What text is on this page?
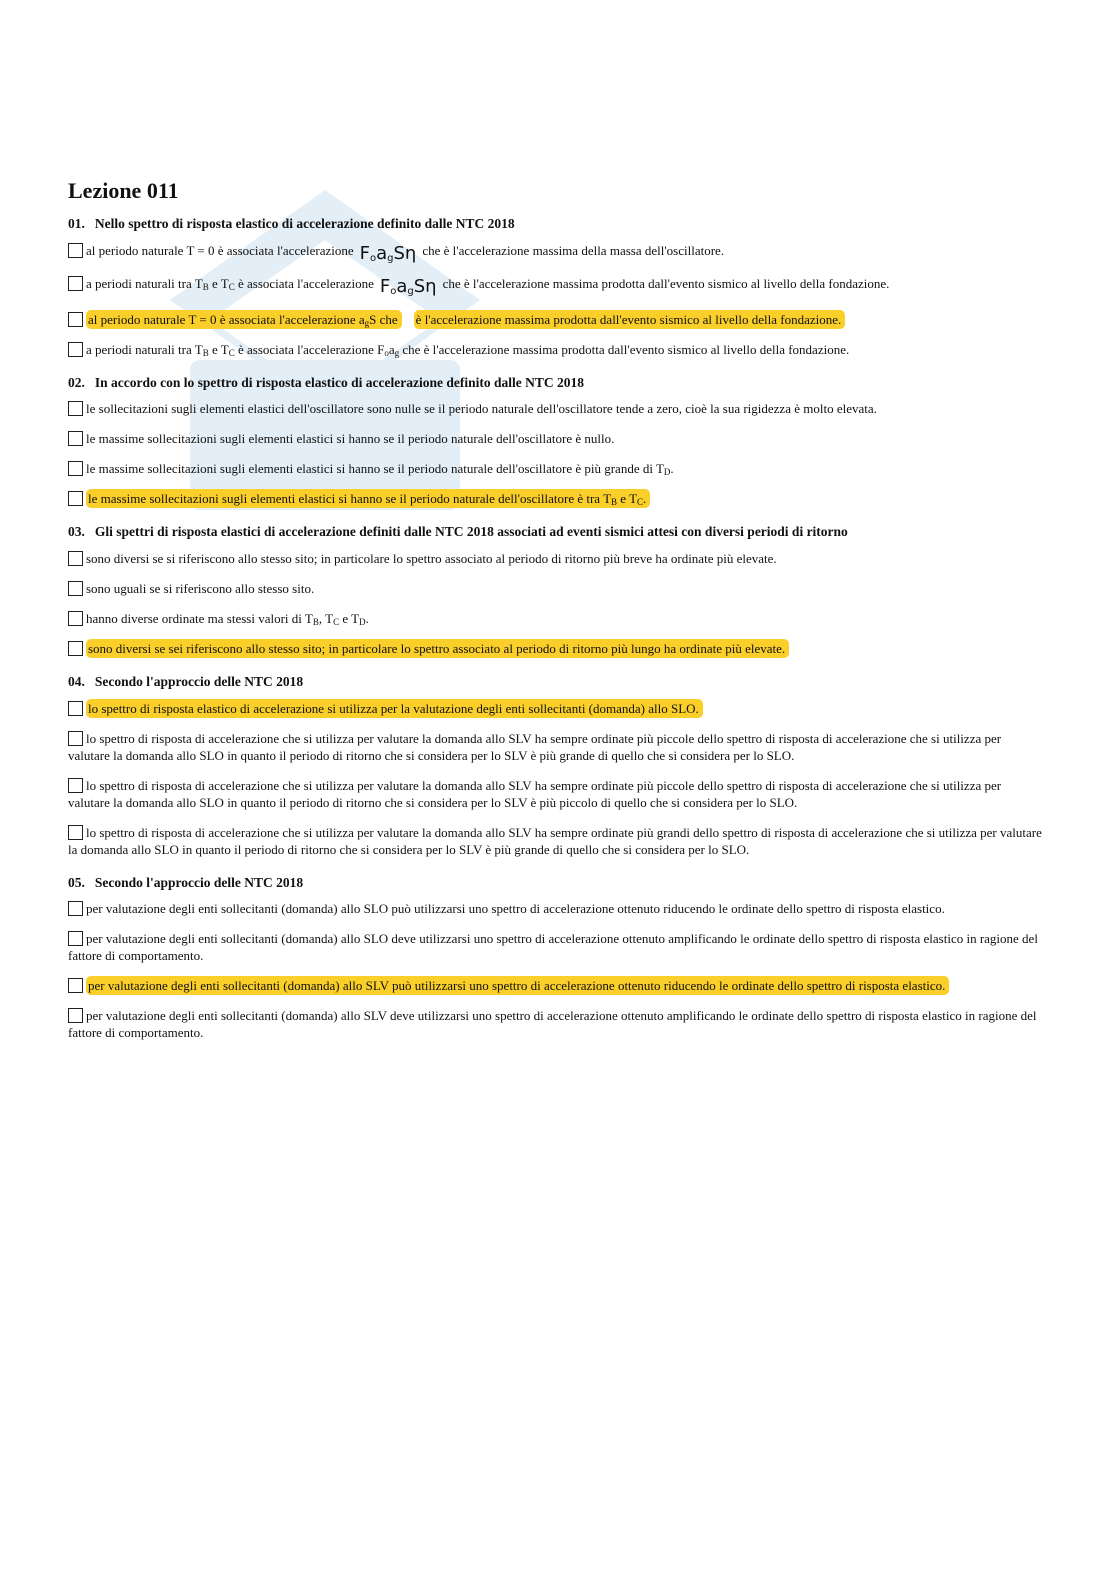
Lezione 011
01. Nello spettro di risposta elastico di accelerazione definito dalle NTC 2018
al periodo naturale T = 0 è associata l'accelerazione $F_oa_gS\eta$ che è l'accelerazione massima della massa dell'oscillatore.
a periodi naturali tra $T_B$ e $T_C$ è associata l'accelerazione $F_oa_gS\eta$ che è l'accelerazione massima prodotta dall'evento sismico al livello della fondazione.
al periodo naturale T = 0 è associata l'accelerazione $a_gS$ che è l'accelerazione massima prodotta dall'evento sismico al livello della fondazione.
a periodi naturali tra $T_B$ e $T_C$ è associata l'accelerazione $F_oa_g$ che è l'accelerazione massima prodotta dall'evento sismico al livello della fondazione.
02. In accordo con lo spettro di risposta elastico di accelerazione definito dalle NTC 2018
le sollecitazioni sugli elementi elastici dell'oscillatore sono nulle se il periodo naturale dell'oscillatore tende a zero, cioè la sua rigidezza è molto elevata.
le massime sollecitazioni sugli elementi elastici si hanno se il periodo naturale dell'oscillatore è nullo.
le massime sollecitazioni sugli elementi elastici si hanno se il periodo naturale dell'oscillatore è più grande di $T_D$.
le massime sollecitazioni sugli elementi elastici si hanno se il periodo naturale dell'oscillatore è tra $T_B$ e $T_C$.
03. Gli spettri di risposta elastici di accelerazione definiti dalle NTC 2018 associati ad eventi sismici attesi con diversi periodi di ritorno
sono diversi se si riferiscono allo stesso sito; in particolare lo spettro associato al periodo di ritorno più breve ha ordinate più elevate.
sono uguali se si riferiscono allo stesso sito.
hanno diverse ordinate ma stessi valori di $T_B$, $T_C$ e $T_D$.
sono diversi se sei riferiscono allo stesso sito; in particolare lo spettro associato al periodo di ritorno più lungo ha ordinate più elevate.
04. Secondo l'approccio delle NTC 2018
lo spettro di risposta elastico di accelerazione si utilizza per la valutazione degli enti sollecitanti (domanda) allo SLO.
lo spettro di risposta di accelerazione che si utilizza per valutare la domanda allo SLV ha sempre ordinate più piccole dello spettro di risposta di accelerazione che si utilizza per valutare la domanda allo SLO in quanto il periodo di ritorno che si considera per lo SLV è più grande di quello che si considera per lo SLO.
lo spettro di risposta di accelerazione che si utilizza per valutare la domanda allo SLV ha sempre ordinate più piccole dello spettro di risposta di accelerazione che si utilizza per valutare la domanda allo SLO in quanto il periodo di ritorno che si considera per lo SLV è più piccolo di quello che si considera per lo SLO.
lo spettro di risposta di accelerazione che si utilizza per valutare la domanda allo SLV ha sempre ordinate più grandi dello spettro di risposta di accelerazione che si utilizza per valutare la domanda allo SLO in quanto il periodo di ritorno che si considera per lo SLV è più grande di quello che si considera per lo SLO.
05. Secondo l'approccio delle NTC 2018
per valutazione degli enti sollecitanti (domanda) allo SLO può utilizzarsi uno spettro di accelerazione ottenuto riducendo le ordinate dello spettro di risposta elastico.
per valutazione degli enti sollecitanti (domanda) allo SLO deve utilizzarsi uno spettro di accelerazione ottenuto amplificando le ordinate dello spettro di risposta elastico in ragione del fattore di comportamento.
per valutazione degli enti sollecitanti (domanda) allo SLV può utilizzarsi uno spettro di accelerazione ottenuto riducendo le ordinate dello spettro di risposta elastico.
per valutazione degli enti sollecitanti (domanda) allo SLV deve utilizzarsi uno spettro di accelerazione ottenuto amplificando le ordinate dello spettro di risposta elastico in ragione del fattore di comportamento.
